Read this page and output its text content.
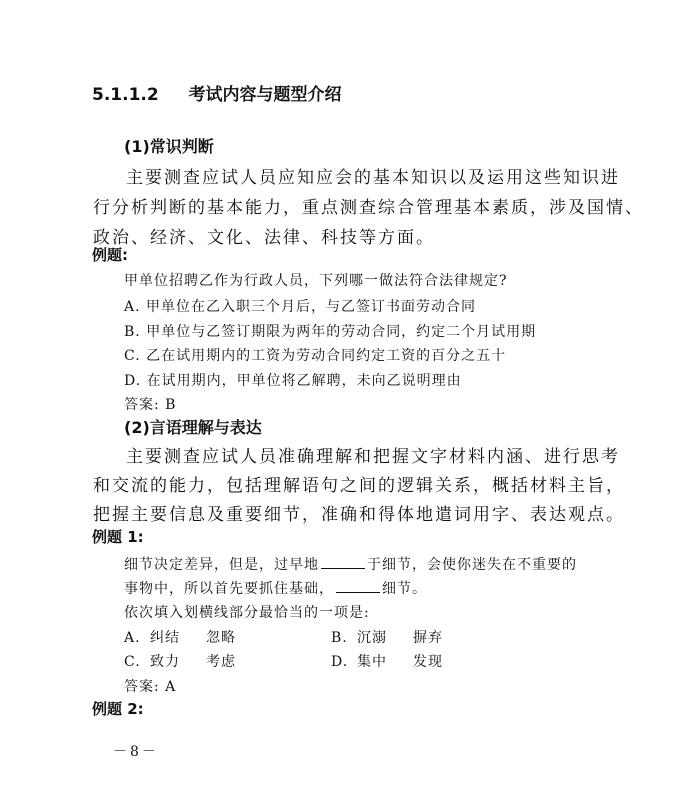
5.1.1.2 考试内容与题型介绍
(1)常识判断
主要测查应试人员应知应会的基本知识以及运用这些知识进
行分析判断的基本能力，重点测查综合管理基本素质，涉及国情、
政治、经济、文化、法律、科技等方面。
例题:
甲单位招聘乙作为行政人员，下列哪一做法符合法律规定?
A. 甲单位在乙入职三个月后，与乙签订书面劳动合同
B. 甲单位与乙签订期限为两年的劳动合同，约定二个月试用期
C. 乙在试用期内的工资为劳动合同约定工资的百分之五十
D. 在试用期内，甲单位将乙解聘，未向乙说明理由
答案: B
(2)言语理解与表达
主要测查应试人员准确理解和把握文字材料内涵、进行思考
和交流的能力，包括理解语句之间的逻辑关系，概括材料主旨，
把握主要信息及重要细节，准确和得体地遣词用字、表达观点。
例题 1:
细节决定差异，但是，过早地	于细节，会使你迷失在不重要的
事物中，所以首先要抓住基础，	细节。
依次填入划横线部分最恰当的一项是:
A. 纠结 忽略	B. 沉溺 摒弃
C. 致力 考虑	D. 集中 发现
答案: A
例题 2:
－8－
